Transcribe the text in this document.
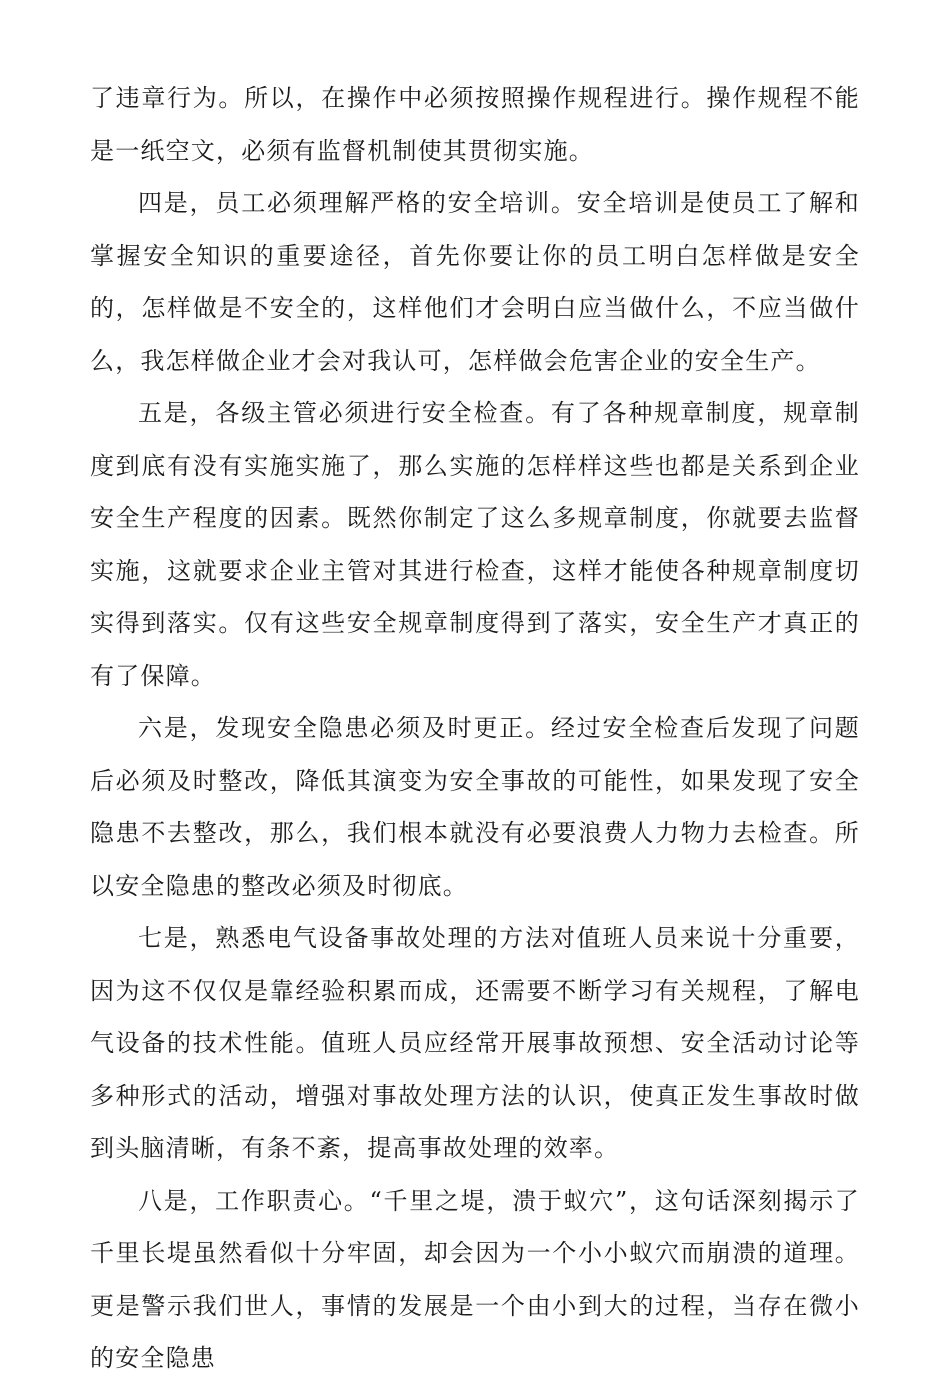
了违章行为。所以，在操作中必须按照操作规程进行。操作规程不能是一纸空文，必须有监督机制使其贯彻实施。

四是，员工必须理解严格的安全培训。安全培训是使员工了解和掌握安全知识的重要途径，首先你要让你的员工明白怎样做是安全的，怎样做是不安全的，这样他们才会明白应当做什么，不应当做什么，我怎样做企业才会对我认可，怎样做会危害企业的安全生产。

五是，各级主管必须进行安全检查。有了各种规章制度，规章制度到底有没有实施实施了，那么实施的怎样样这些也都是关系到企业安全生产程度的因素。既然你制定了这么多规章制度，你就要去监督实施，这就要求企业主管对其进行检查，这样才能使各种规章制度切实得到落实。仅有这些安全规章制度得到了落实，安全生产才真正的有了保障。

六是，发现安全隐患必须及时更正。经过安全检查后发现了问题后必须及时整改，降低其演变为安全事故的可能性，如果发现了安全隐患不去整改，那么，我们根本就没有必要浪费人力物力去检查。所以安全隐患的整改必须及时彻底。

七是，熟悉电气设备事故处理的方法对值班人员来说十分重要，因为这不仅仅是靠经验积累而成，还需要不断学习有关规程，了解电气设备的技术性能。值班人员应经常开展事故预想、安全活动讨论等多种形式的活动，增强对事故处理方法的认识，使真正发生事故时做到头脑清晰，有条不紊，提高事故处理的效率。

八是，工作职责心。“千里之堤，溃于蚁穴”，这句话深刻揭示了千里长堤虽然看似十分牢固，却会因为一个小小蚁穴而崩溃的道理。更是警示我们世人，事情的发展是一个由小到大的过程，当存在微小的安全隐患
